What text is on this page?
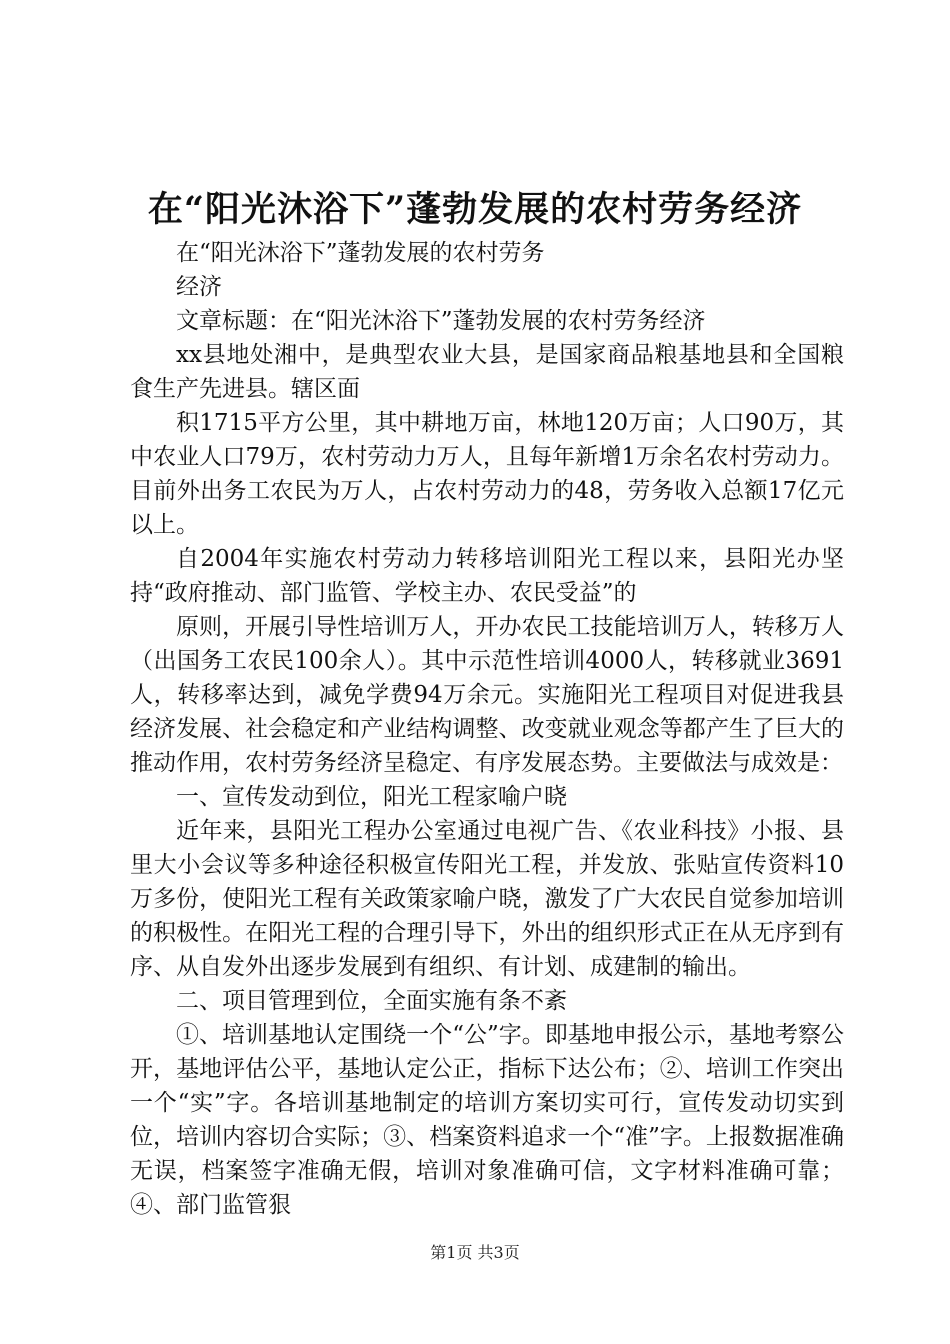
在“阳光沐浴下”蓬勃发展的农村劳务经济

在“阳光沐浴下”蓬勃发展的农村劳务

经济

文章标题：在“阳光沐浴下”蓬勃发展的农村劳务经济

xx县地处湘中，是典型农业大县，是国家商品粮基地县和全国粮食生产先进县。辖区面

积1715平方公里，其中耕地万亩，林地120万亩；人口90万，其中农业人口79万，农村劳动力万人，且每年新增1万余名农村劳动力。目前外出务工农民为万人，占农村劳动力的48，劳务收入总额17亿元以上。

自2004年实施农村劳动力转移培训阳光工程以来，县阳光办坚持“政府推动、部门监管、学校主办、农民受益”的

原则，开展引导性培训万人，开办农民工技能培训万人，转移万人（出国务工农民100余人）。其中示范性培训4000人，转移就业3691人，转移率达到，减免学费94万余元。实施阳光工程项目对促进我县经济发展、社会稳定和产业结构调整、改变就业观念等都产生了巨大的推动作用，农村劳务经济呈稳定、有序发展态势。主要做法与成效是：

一、宣传发动到位，阳光工程家喻户晓

近年来，县阳光工程办公室通过电视广告、《农业科技》小报、县里大小会议等多种途径积极宣传阳光工程，并发放、张贴宣传资料10万多份，使阳光工程有关政策家喻户晓，激发了广大农民自觉参加培训的积极性。在阳光工程的合理引导下，外出的组织形式正在从无序到有序、从自发外出逐步发展到有组织、有计划、成建制的输出。

二、项目管理到位，全面实施有条不紊

①、培训基地认定围绕一个“公”字。即基地申报公示，基地考察公开，基地评估公平，基地认定公正，指标下达公布；②、培训工作突出一个“实”字。各培训基地制定的培训方案切实可行，宣传发动切实到位，培训内容切合实际；③、档案资料追求一个“准”字。上报数据准确无误，档案签字准确无假，培训对象准确可信，文字材料准确可靠；④、部门监管狠

第1页 共3页
